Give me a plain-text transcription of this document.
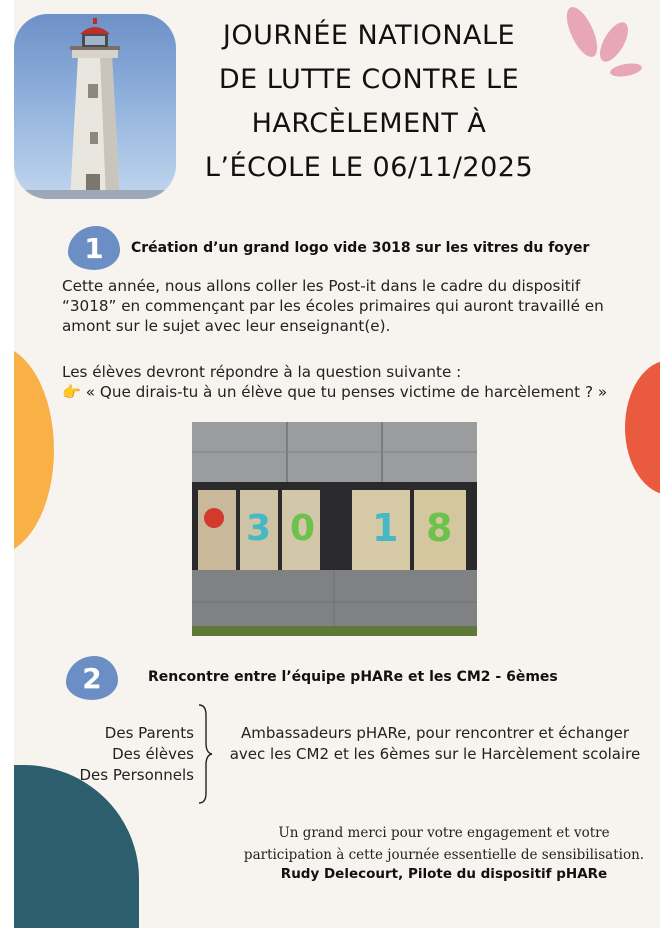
JOURNÉE NATIONALE
DE LUTTE CONTRE LE
HARCÈLEMENT À
L’ÉCOLE LE 06/11/2025
1	Création d’un grand logo vide 3018 sur les vitres du foyer
Cette année, nous allons coller les Post-it dans le cadre du dispositif
“3018” en commençant par les écoles primaires qui auront travaillé en
amont sur le sujet avec leur enseignant(e).
Les élèves devront répondre à la question suivante :
👉 « Que dirais-tu à un élève que tu penses victime de harcèlement ? »
3 0 1 8
2	Rencontre entre l’équipe pHARe et les CM2 - 6èmes
Des Parents
Des élèves
Des Personnels
Ambassadeurs pHARe, pour rencontrer et échanger
avec les CM2 et les 6èmes sur le Harcèlement scolaire
Un grand merci pour votre engagement et votre
participation à cette journée essentielle de sensibilisation.
Rudy Delecourt, Pilote du dispositif pHARe
